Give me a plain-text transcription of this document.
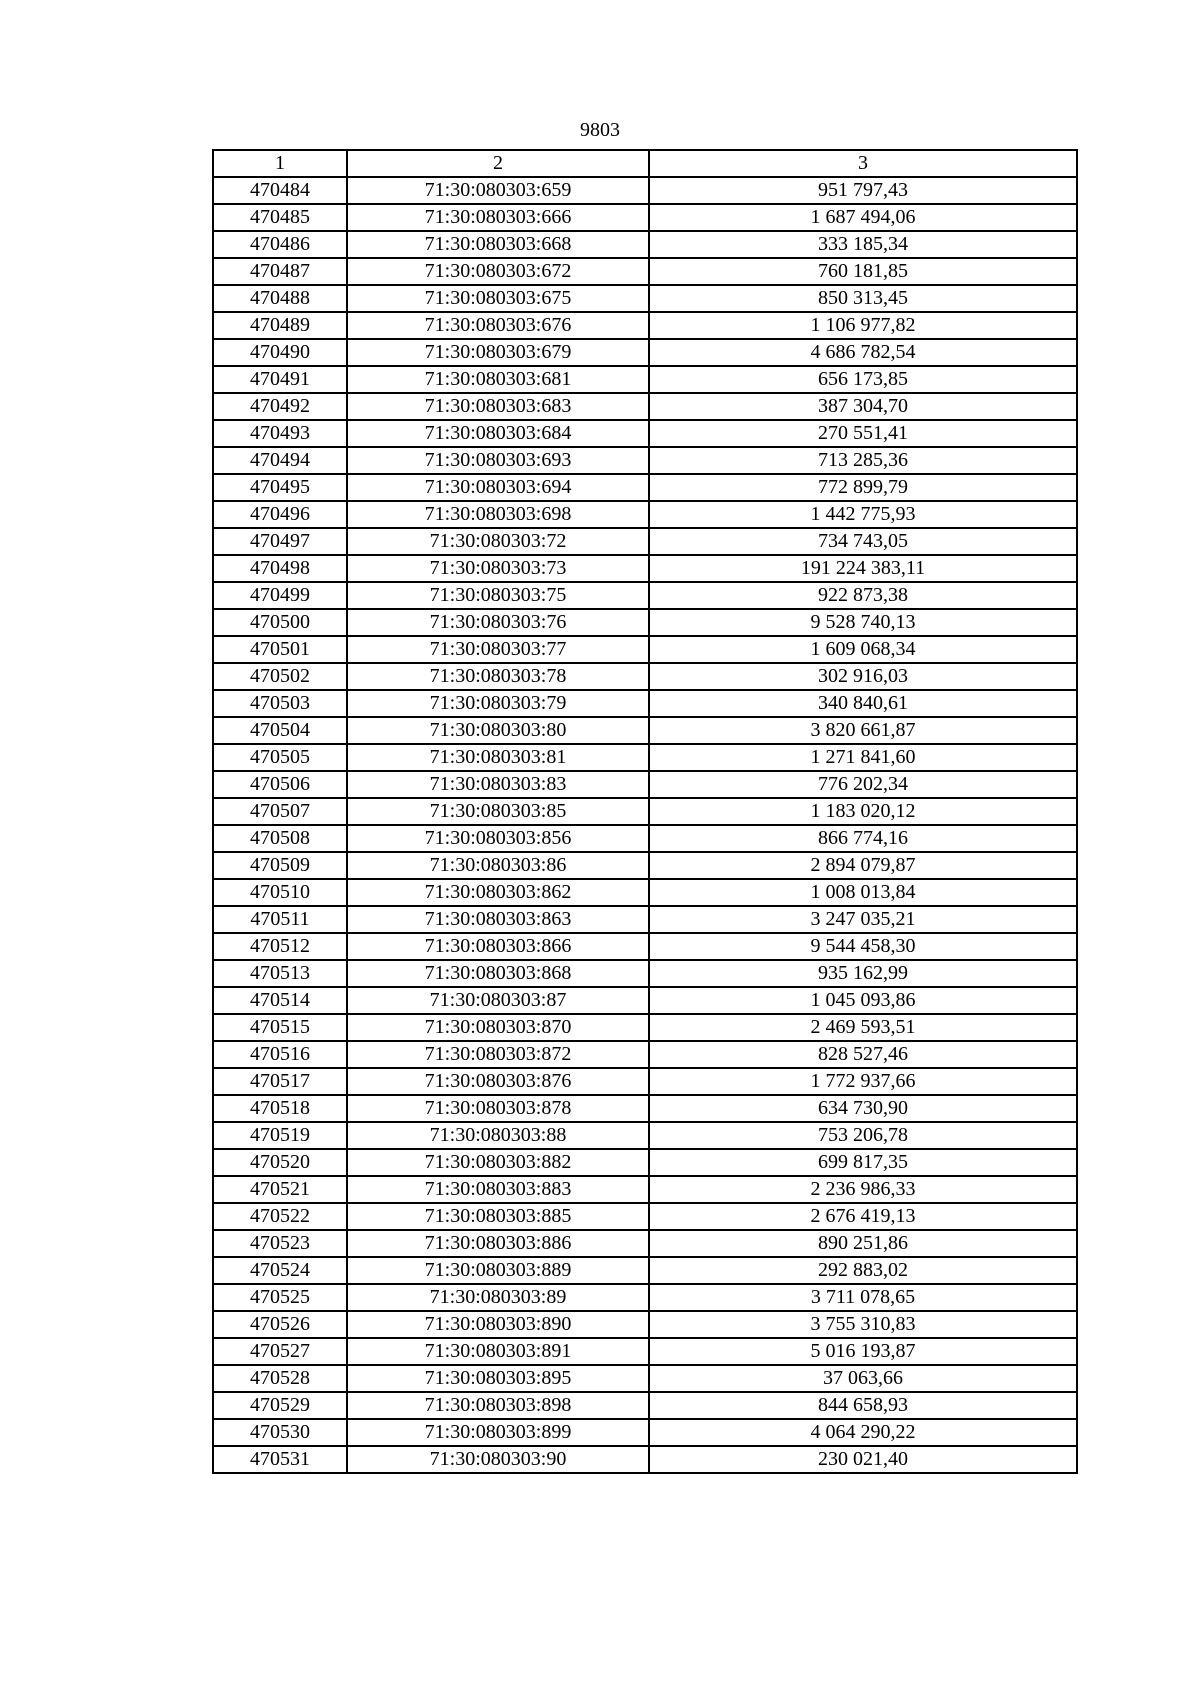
9803
1	2	3
470484	71:30:080303:659	951 797,43
470485	71:30:080303:666	1 687 494,06
470486	71:30:080303:668	333 185,34
470487	71:30:080303:672	760 181,85
470488	71:30:080303:675	850 313,45
470489	71:30:080303:676	1 106 977,82
470490	71:30:080303:679	4 686 782,54
470491	71:30:080303:681	656 173,85
470492	71:30:080303:683	387 304,70
470493	71:30:080303:684	270 551,41
470494	71:30:080303:693	713 285,36
470495	71:30:080303:694	772 899,79
470496	71:30:080303:698	1 442 775,93
470497	71:30:080303:72	734 743,05
470498	71:30:080303:73	191 224 383,11
470499	71:30:080303:75	922 873,38
470500	71:30:080303:76	9 528 740,13
470501	71:30:080303:77	1 609 068,34
470502	71:30:080303:78	302 916,03
470503	71:30:080303:79	340 840,61
470504	71:30:080303:80	3 820 661,87
470505	71:30:080303:81	1 271 841,60
470506	71:30:080303:83	776 202,34
470507	71:30:080303:85	1 183 020,12
470508	71:30:080303:856	866 774,16
470509	71:30:080303:86	2 894 079,87
470510	71:30:080303:862	1 008 013,84
470511	71:30:080303:863	3 247 035,21
470512	71:30:080303:866	9 544 458,30
470513	71:30:080303:868	935 162,99
470514	71:30:080303:87	1 045 093,86
470515	71:30:080303:870	2 469 593,51
470516	71:30:080303:872	828 527,46
470517	71:30:080303:876	1 772 937,66
470518	71:30:080303:878	634 730,90
470519	71:30:080303:88	753 206,78
470520	71:30:080303:882	699 817,35
470521	71:30:080303:883	2 236 986,33
470522	71:30:080303:885	2 676 419,13
470523	71:30:080303:886	890 251,86
470524	71:30:080303:889	292 883,02
470525	71:30:080303:89	3 711 078,65
470526	71:30:080303:890	3 755 310,83
470527	71:30:080303:891	5 016 193,87
470528	71:30:080303:895	37 063,66
470529	71:30:080303:898	844 658,93
470530	71:30:080303:899	4 064 290,22
470531	71:30:080303:90	230 021,40
